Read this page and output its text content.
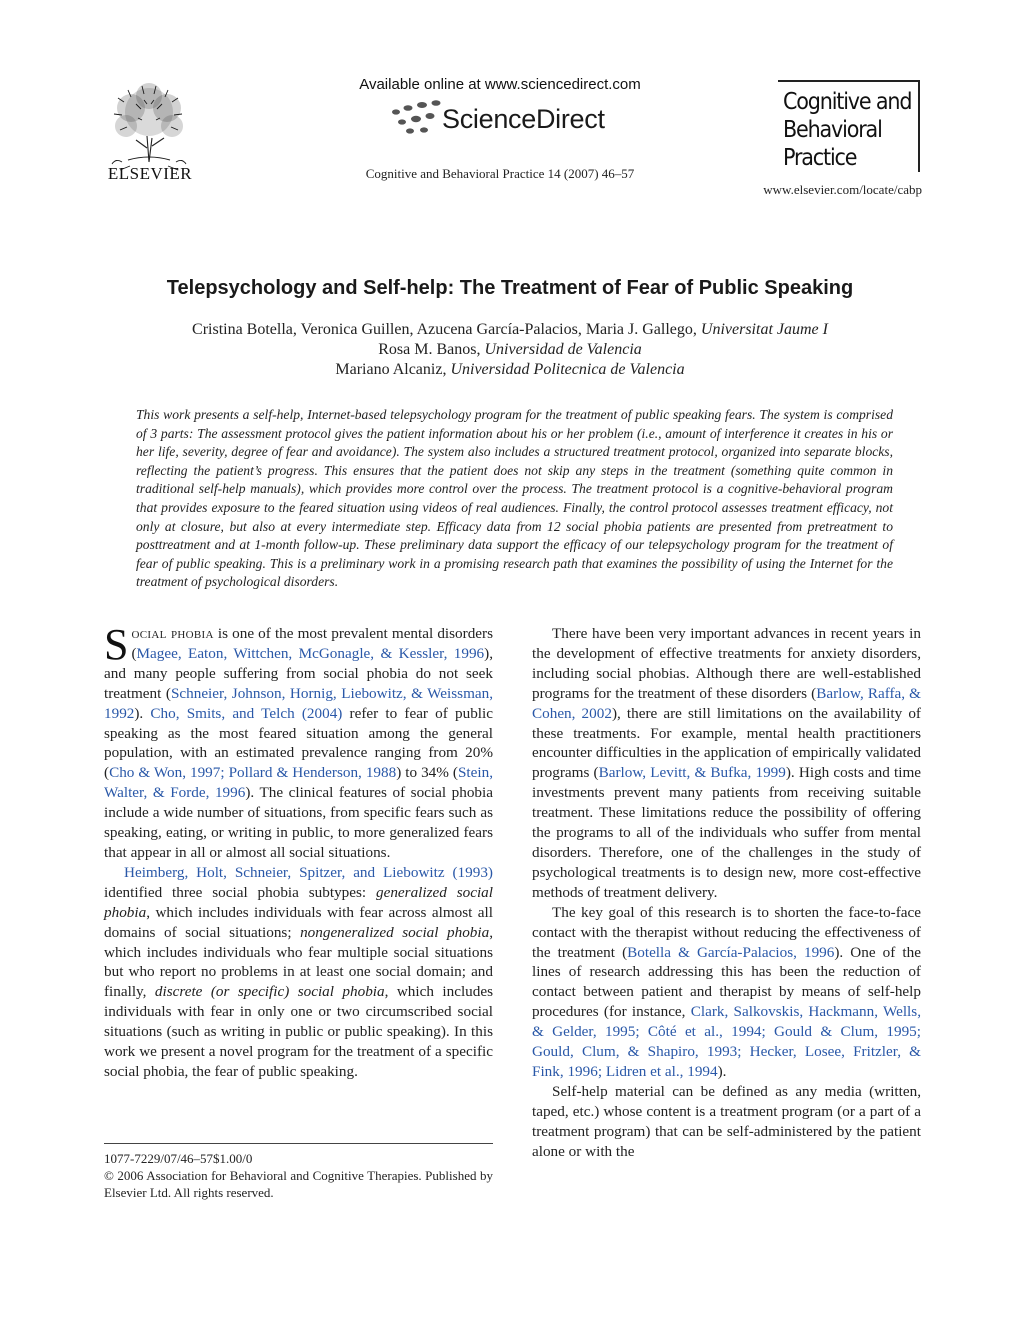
ELSEVIER
Available online at www.sciencedirect.com
ScienceDirect
Cognitive and Behavioral Practice 14 (2007) 46–57
Cognitive and
Behavioral
Practice
www.elsevier.com/locate/cabp
Telepsychology and Self-help: The Treatment of Fear of Public Speaking
Cristina Botella, Veronica Guillen, Azucena García-Palacios, Maria J. Gallego, Universitat Jaume I
Rosa M. Banos, Universidad de Valencia
Mariano Alcaniz, Universidad Politecnica de Valencia
This work presents a self-help, Internet-based telepsychology program for the treatment of public speaking fears. The system is comprised of 3 parts: The assessment protocol gives the patient information about his or her problem (i.e., amount of interference it creates in his or her life, severity, degree of fear and avoidance). The system also includes a structured treatment protocol, organized into separate blocks, reflecting the patient’s progress. This ensures that the patient does not skip any steps in the treatment (something quite common in traditional self-help manuals), which provides more control over the process. The treatment protocol is a cognitive-behavioral program that provides exposure to the feared situation using videos of real audiences. Finally, the control protocol assesses treatment efficacy, not only at closure, but also at every intermediate step. Efficacy data from 12 social phobia patients are presented from pretreatment to posttreatment and at 1-month follow-up. These preliminary data support the efficacy of our telepsychology program for the treatment of fear of public speaking. This is a preliminary work in a promising research path that examines the possibility of using the Internet for the treatment of psychological disorders.

Social phobia is one of the most prevalent mental disorders (Magee, Eaton, Wittchen, McGonagle, & Kessler, 1996), and many people suffering from social phobia do not seek treatment (Schneier, Johnson, Hornig, Liebowitz, & Weissman, 1992). Cho, Smits, and Telch (2004) refer to fear of public speaking as the most feared situation among the general population, with an estimated prevalence ranging from 20% (Cho & Won, 1997; Pollard & Henderson, 1988) to 34% (Stein, Walter, & Forde, 1996). The clinical features of social phobia include a wide number of situations, from specific fears such as speaking, eating, or writing in public, to more generalized fears that appear in all or almost all social situations.

Heimberg, Holt, Schneier, Spitzer, and Liebowitz (1993) identified three social phobia subtypes: generalized social phobia, which includes individuals with fear across almost all domains of social situations; nongeneralized social phobia, which includes individuals who fear multiple social situations but who report no problems in at least one social domain; and finally, discrete (or specific) social phobia, which includes individuals with fear in only one or two circumscribed social situations (such as writing in public or public speaking). In this work we present a novel program for the treatment of a specific social phobia, the fear of public speaking.

There have been very important advances in recent years in the development of effective treatments for anxiety disorders, including social phobias. Although there are well-established programs for the treatment of these disorders (Barlow, Raffa, & Cohen, 2002), there are still limitations on the availability of these treatments. For example, mental health practitioners encounter difficulties in the application of empirically validated programs (Barlow, Levitt, & Bufka, 1999). High costs and time investments prevent many patients from receiving suitable treatment. These limitations reduce the possibility of offering the programs to all of the individuals who suffer from mental disorders. Therefore, one of the challenges in the study of psychological treatments is to design new, more cost-effective methods of treatment delivery.

The key goal of this research is to shorten the face-to-face contact with the therapist without reducing the effectiveness of the treatment (Botella & García-Palacios, 1996). One of the lines of research addressing this has been the reduction of contact between patient and therapist by means of self-help procedures (for instance, Clark, Salkovskis, Hackmann, Wells, & Gelder, 1995; Côté et al., 1994; Gould & Clum, 1995; Gould, Clum, & Shapiro, 1993; Hecker, Losee, Fritzler, & Fink, 1996; Lidren et al., 1994).

Self-help material can be defined as any media (written, taped, etc.) whose content is a treatment program (or a part of a treatment program) that can be self-administered by the patient alone or with the

1077-7229/07/46–57$1.00/0
© 2006 Association for Behavioral and Cognitive Therapies. Published by Elsevier Ltd. All rights reserved.
